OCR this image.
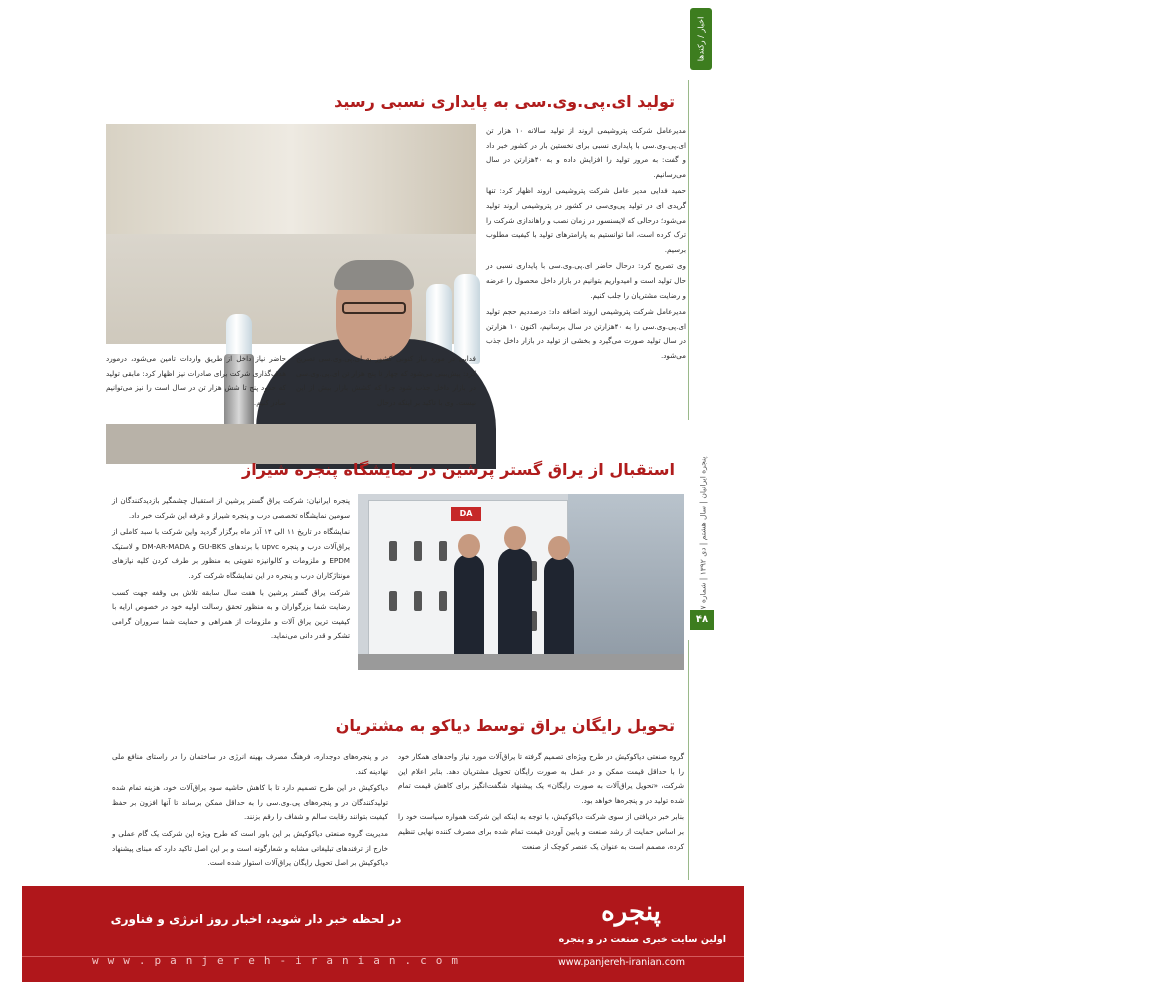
اخبار / رکندها
پنجره ایرانیان | سال هشتم | دی ۱۳۹۲ | شماره
۴۸
تولید ای.پی.وی.سی به پایداری نسبی رسید

مدیرعامل شرکت پتروشیمی اروند از تولید سالانه ۱۰ هزار تن ای.پی.وی.سی با پایداری نسبی برای نخستین بار در کشور خبر داد و گفت: به مرور تولید را افزایش داده و به ۴۰هزارتن در سال می‌رسانیم.

حمید فدایی مدیر عامل شرکت پتروشیمی اروند اظهار کرد: تنها گریدی ای در تولید پی‌وی‌سی در کشور در پتروشیمی اروند تولید می‌شود؛ درحالی که لایسنسور در زمان نصب و راهاندازی شرکت را ترک کرده است، اما توانستیم به پارامترهای تولید با کیفیت مطلوب برسیم.

وی تصریح کرد: درحال حاضر ای.پی.وی.سی با پایداری نسبی در حال تولید است و امیدواریم بتوانیم در بازار داخل محصول را عرضه و رضایت مشتریان را جلب کنیم.

مدیرعامل شرکت پتروشیمی اروند اضافه داد: درصددیم حجم تولید ای.پی.وی.سی را به ۴۰هزارتن در سال برسانیم، اکنون ۱۰ هزارتن در سال تولید صورت می‌گیرد و بخشی از تولید در بازار داخل جذب می‌شود.

فدایی در مورد نیاز کنونی کشور به ای.پی.وی.سی تصریح کرد: پیش‌بینی می‌شود که چهار تا پنج هزار تن ای.پی.وی.سی در بازار داخل جذب شود چرا که کشش بازار بیش از این نیست. وی با تاکید بر اینکه درحال

حاضر نیاز داخل از طریق واردات تامین می‌شود، درمورد هدف‌گذاری شرکت برای صادرات نیز اظهار کرد: مابقی تولید که حدود پنج تا شش هزار تن در سال است را نیز می‌توانیم صادر کنیم.

استقبال از یراق گستر پرشین در نمایشگاه پنجره شیراز
DA

پنجره ایرانیان: شرکت یراق گستر پرشین از استقبال چشمگیر بازدیدکنندگان از سومین نمایشگاه تخصصی درب و پنجره شیراز و غرفه این شرکت خبر داد.

نمایشگاه در تاریخ ۱۱ الی ۱۴ آذر ماه برگزار گردید واین شرکت با سبد کاملی از یراق‌آلات درب و پنجره upvc با برندهای GU-BKS و DM-AR-MADA و لاستیک EPDM و ملزومات و کالوانیزه تقویتی به منظور بر طرف کردن کلیه نیازهای مونتاژکاران درب و پنجره در این نمایشگاه شرکت کرد.

شرکت یراق گستر پرشین با هفت سال سابقه تلاش بی وقفه جهت کسب رضایت شما بزرگواران و به منظور تحقق رسالت اولیه خود در خصوص ارایه با کیفیت ترین یراق آلات و ملزومات از همراهی و حمایت شما سروران گرامی تشکر و قدر دانی می‌نماید.

تحویل رایگان یراق توسط دیاکو به مشتریان

گروه صنعتی دیاکوکیش در طرح ویژه‌ای تصمیم گرفته تا یراق‌آلات مورد نیاز واحدهای همکار خود را با حداقل قیمت ممکن و در عمل به صورت رایگان تحویل مشتریان دهد. بنابر اعلام این شرکت، «تحویل یراق‌آلات به صورت رایگان» یک پیشنهاد شگفت‌انگیز برای کاهش قیمت تمام شده تولید در و پنجره‌ها خواهد بود.

بنابر خبر دریافتی از سوی شرکت دیاکوکیش، با توجه به اینکه این شرکت همواره سیاست خود را بر اساس حمایت از رشد صنعت و پایین آوردن قیمت تمام شده برای مصرف کننده نهایی تنظیم کرده، مصمم است به عنوان یک عنصر کوچک از صنعت

در و پنجره‌های دوجداره، فرهنگ مصرف بهینه انرژی در ساختمان را در راستای منافع ملی نهادینه کند.

دیاکوکیش در این طرح تصمیم دارد تا با کاهش حاشیه سود یراق‌آلات خود، هزینه تمام شده تولیدکنندگان در و پنجره‌های پی.وی.سی را به حداقل ممکن برساند تا آنها افزون بر حفظ کیفیت بتوانند رقابت سالم و شفاف را رقم بزنند.

مدیریت گروه صنعتی دیاکوکیش بر این باور است که طرح ویژه این شرکت یک گام عملی و خارج از ترفندهای تبلیغاتی مشابه و شعارگونه است و بر این اصل تاکید دارد که مبنای پیشنهاد دیاکوکیش بر اصل تحویل رایگان یراق‌آلات استوار شده است.

در لحظه خبر دار شوید، اخبار روز انرژی و فناوری
در لحظه خبر دار شوید
پنجره
اولین سایت خبری صنعت در و پنجره
www.panjereh-iranian.com	www.panjereh-iranian.com
